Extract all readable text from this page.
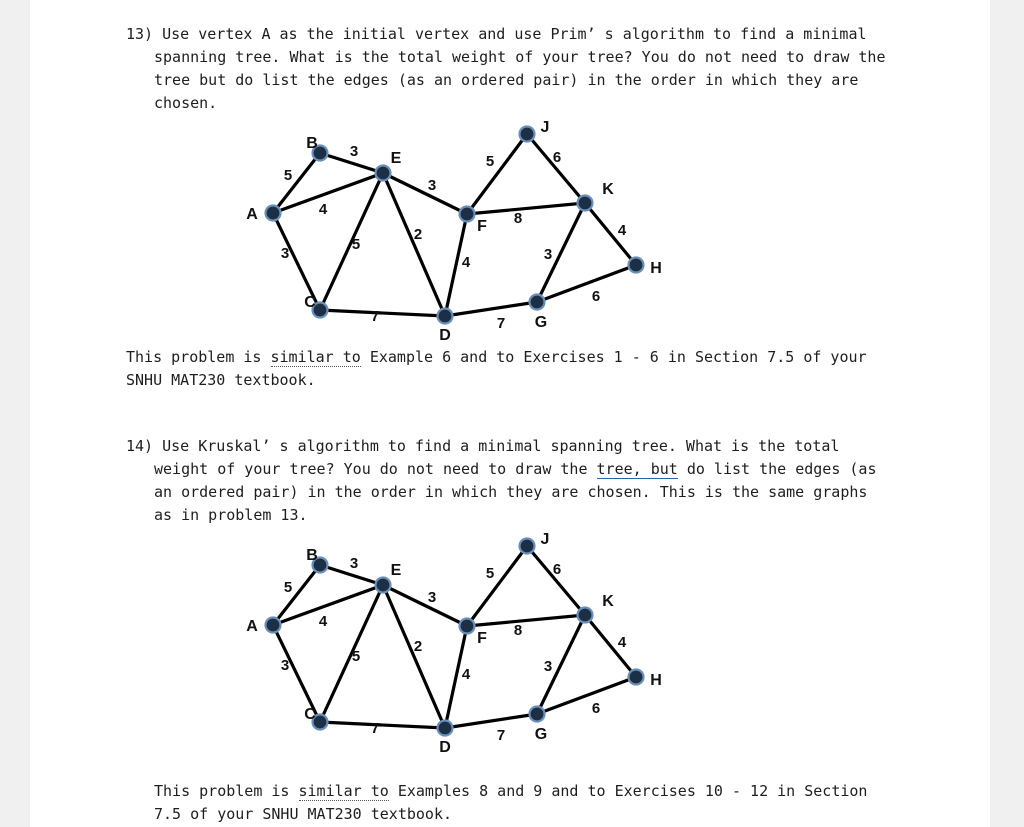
13) Use vertex A as the initial vertex and use Prim’ s algorithm to find a minimal
spanning tree. What is the total weight of your tree? You do not need to draw the
tree but do list the edges (as an ordered pair) in the order in which they are
chosen.
5
4
3
3
5
7
3
2
4
5
8
6
4
3
6
7
A
B
C
D
E
F
G
H
J
K
This problem is similar to Example 6 and to Exercises 1 - 6 in Section 7.5 of your
SNHU MAT230 textbook.
14) Use Kruskal’ s algorithm to find a minimal spanning tree. What is the total
weight of your tree? You do not need to draw the tree, but do list the edges (as
an ordered pair) in the order in which they are chosen. This is the same graphs
as in problem 13.
5
4
3
3
5
7
3
2
4
5
8
6
4
3
6
7
A
B
C
D
E
F
G
H
J
K
This problem is similar to Examples 8 and 9 and to Exercises 10 - 12 in Section
7.5 of your SNHU MAT230 textbook.
